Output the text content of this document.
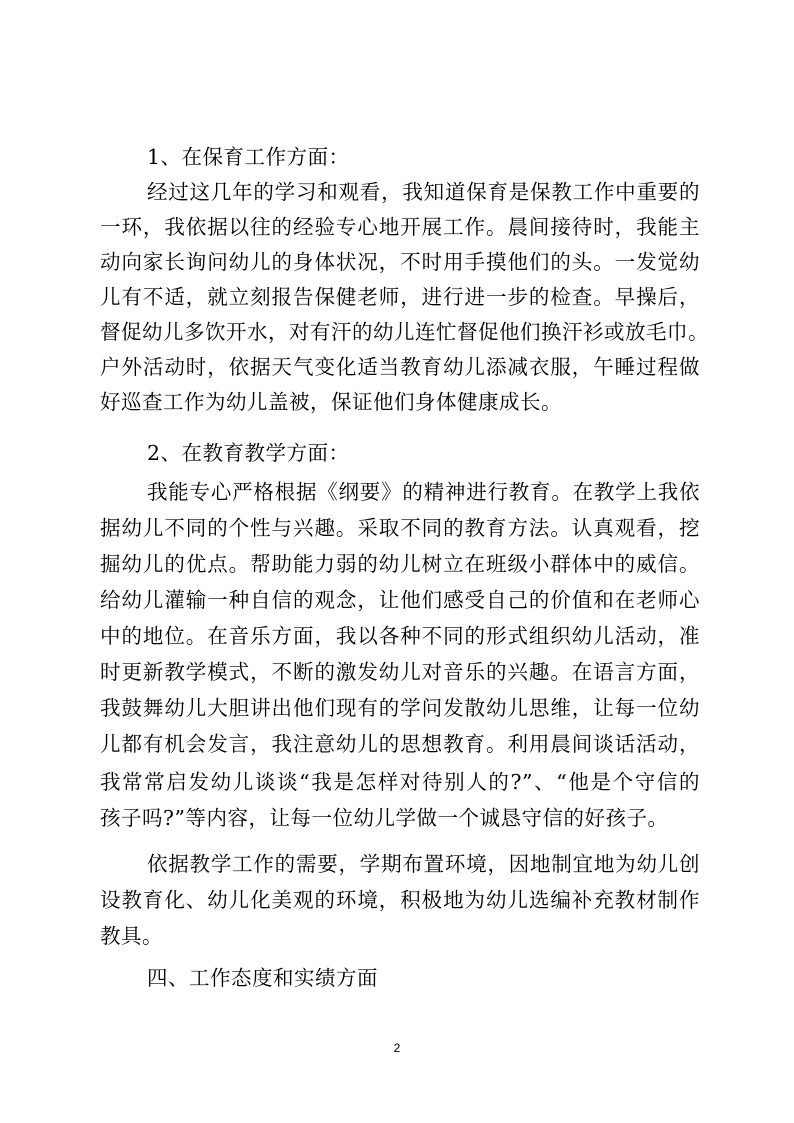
1、在保育工作方面：
经过这几年的学习和观看，我知道保育是保教工作中重要的
一环，我依据以往的经验专心地开展工作。晨间接待时，我能主
动向家长询问幼儿的身体状况，不时用手摸他们的头。一发觉幼
儿有不适，就立刻报告保健老师，进行进一步的检查。早操后，
督促幼儿多饮开水，对有汗的幼儿连忙督促他们换汗衫或放毛巾。
户外活动时，依据天气变化适当教育幼儿添减衣服，午睡过程做
好巡查工作为幼儿盖被，保证他们身体健康成长。
2、在教育教学方面：
我能专心严格根据《纲要》的精神进行教育。在教学上我依
据幼儿不同的个性与兴趣。采取不同的教育方法。认真观看，挖
掘幼儿的优点。帮助能力弱的幼儿树立在班级小群体中的威信。
给幼儿灌输一种自信的观念，让他们感受自己的价值和在老师心
中的地位。在音乐方面，我以各种不同的形式组织幼儿活动，准
时更新教学模式，不断的激发幼儿对音乐的兴趣。在语言方面，
我鼓舞幼儿大胆讲出他们现有的学问发散幼儿思维，让每一位幼
儿都有机会发言，我注意幼儿的思想教育。利用晨间谈话活动，
我常常启发幼儿谈谈“我是怎样对待别人的?”、“他是个守信的
孩子吗?”等内容，让每一位幼儿学做一个诚恳守信的好孩子。
依据教学工作的需要，学期布置环境，因地制宜地为幼儿创
设教育化、幼儿化美观的环境，积极地为幼儿选编补充教材制作
教具。
四、工作态度和实绩方面
2
